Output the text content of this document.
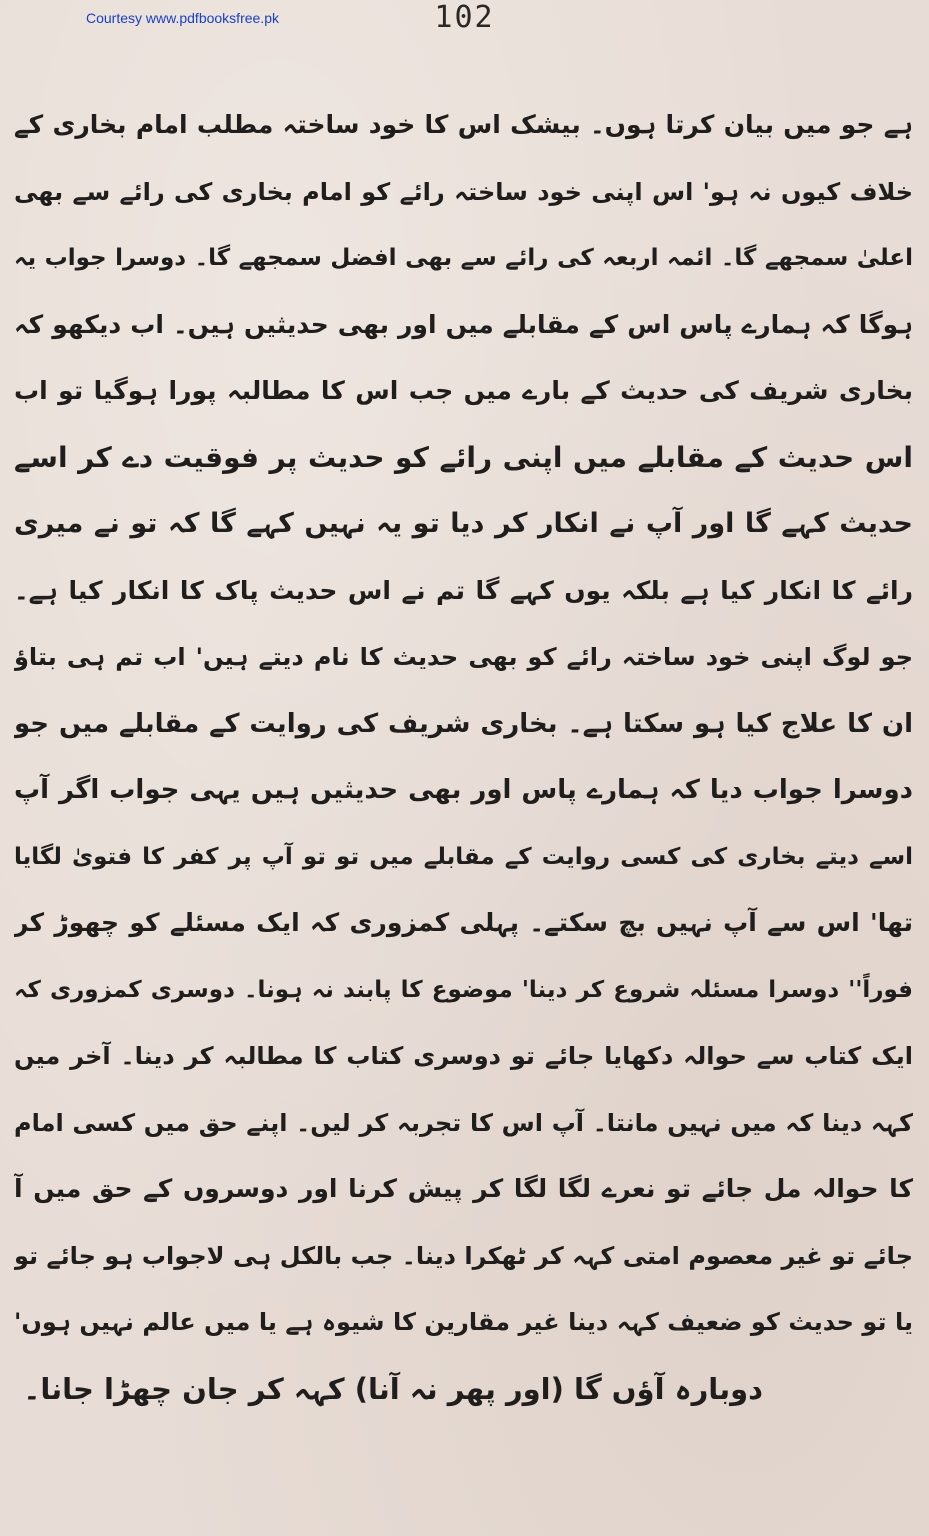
Courtesy www.pdfbooksfree.pk	102
ہے جو میں بیان کرتا ہوں۔ بیشک اس کا خود ساختہ مطلب امام بخاری کے
خلاف کیوں نہ ہو' اس اپنی خود ساختہ رائے کو امام بخاری کی رائے سے بھی
اعلیٰ سمجھے گا۔ ائمہ اربعہ کی رائے سے بھی افضل سمجھے گا۔ دوسرا جواب یہ
ہوگا کہ ہمارے پاس اس کے مقابلے میں اور بھی حدیثیں ہیں۔ اب دیکھو کہ
بخاری شریف کی حدیث کے بارے میں جب اس کا مطالبہ پورا ہوگیا تو اب
اس حدیث کے مقابلے میں اپنی رائے کو حدیث پر فوقیت دے کر اسے
حدیث کہے گا اور آپ نے انکار کر دیا تو یہ نہیں کہے گا کہ تو نے میری
رائے کا انکار کیا ہے بلکہ یوں کہے گا تم نے اس حدیث پاک کا انکار کیا ہے۔
جو لوگ اپنی خود ساختہ رائے کو بھی حدیث کا نام دیتے ہیں' اب تم ہی بتاؤ
ان کا علاج کیا ہو سکتا ہے۔ بخاری شریف کی روایت کے مقابلے میں جو
دوسرا جواب دیا کہ ہمارے پاس اور بھی حدیثیں ہیں یہی جواب اگر آپ
اسے دیتے بخاری کی کسی روایت کے مقابلے میں تو تو آپ پر کفر کا فتویٰ لگایا
تھا' اس سے آپ نہیں بچ سکتے۔ پہلی کمزوری کہ ایک مسئلے کو چھوڑ کر
فوراً'' دوسرا مسئلہ شروع کر دینا' موضوع کا پابند نہ ہونا۔ دوسری کمزوری کہ
ایک کتاب سے حوالہ دکھایا جائے تو دوسری کتاب کا مطالبہ کر دینا۔ آخر میں
کہہ دینا کہ میں نہیں مانتا۔ آپ اس کا تجربہ کر لیں۔ اپنے حق میں کسی امام
کا حوالہ مل جائے تو نعرے لگا لگا کر پیش کرنا اور دوسروں کے حق میں آ
جائے تو غیر معصوم امتی کہہ کر ٹھکرا دینا۔ جب بالکل ہی لاجواب ہو جائے تو
یا تو حدیث کو ضعیف کہہ دینا غیر مقارین کا شیوہ ہے یا میں عالم نہیں ہوں'
دوبارہ آؤں گا (اور پھر نہ آنا) کہہ کر جان چھڑا جانا۔
